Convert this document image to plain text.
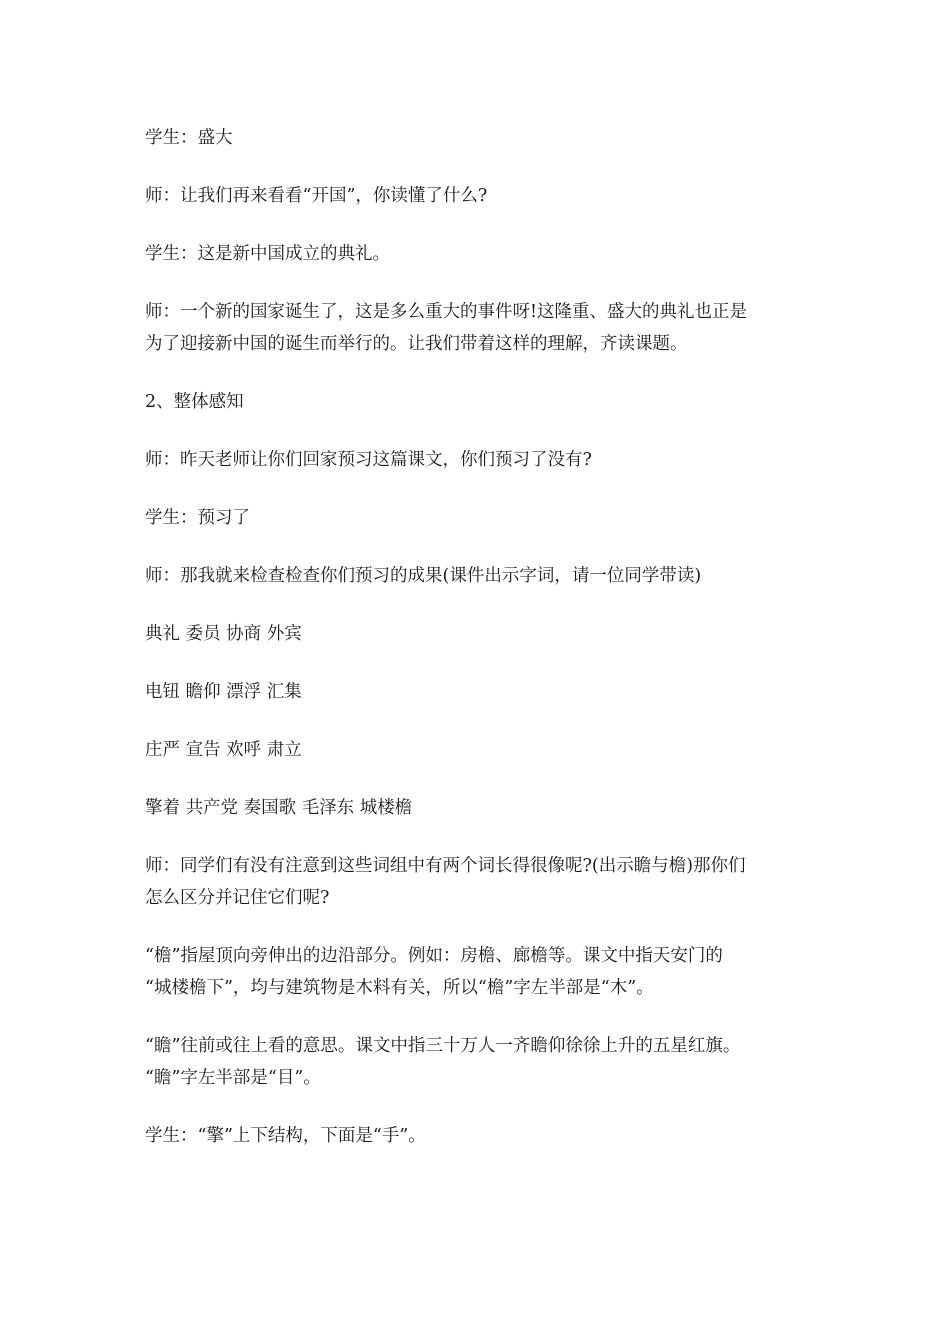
学生：盛大

师：让我们再来看看“开国”，你读懂了什么?

学生：这是新中国成立的典礼。

师：一个新的国家诞生了，这是多么重大的事件呀!这隆重、盛大的典礼也正是
为了迎接新中国的诞生而举行的。让我们带着这样的理解，齐读课题。

2、整体感知

师：昨天老师让你们回家预习这篇课文，你们预习了没有?

学生：预习了

师：那我就来检查检查你们预习的成果(课件出示字词，请一位同学带读)

典礼 委员 协商 外宾

电钮 瞻仰 漂浮 汇集

庄严 宣告 欢呼 肃立

擎着 共产党 奏国歌 毛泽东 城楼檐

师：同学们有没有注意到这些词组中有两个词长得很像呢?(出示瞻与檐)那你们
怎么区分并记住它们呢?

“檐”指屋顶向旁伸出的边沿部分。例如：房檐、廊檐等。课文中指天安门的
“城楼檐下”，均与建筑物是木料有关，所以“檐”字左半部是“木”。

“瞻”往前或往上看的意思。课文中指三十万人一齐瞻仰徐徐上升的五星红旗。
“瞻”字左半部是“目”。

学生：“擎”上下结构，下面是“手”。
